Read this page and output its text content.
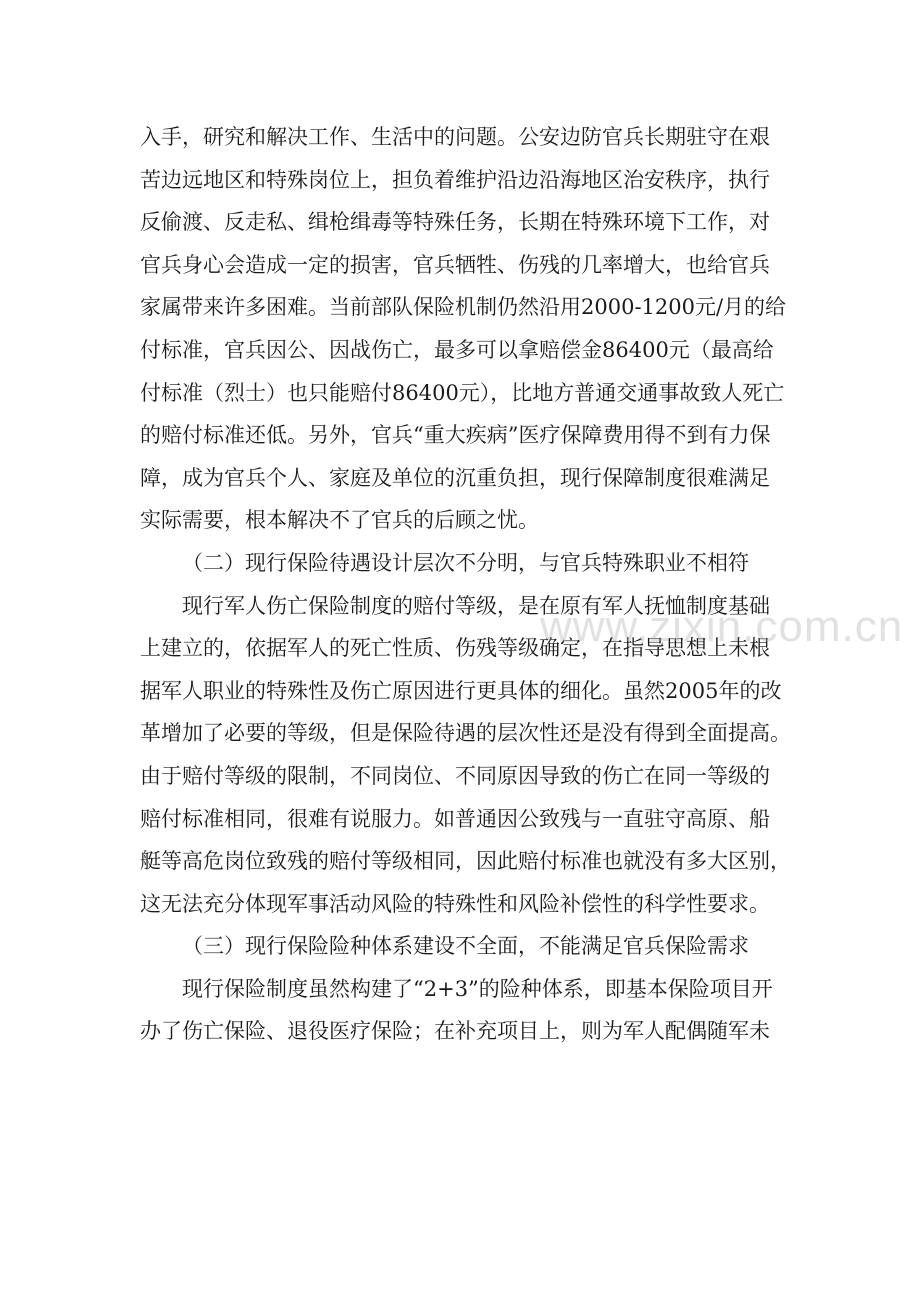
入手，研究和解决工作、生活中的问题。公安边防官兵长期驻守在艰
苦边远地区和特殊岗位上，担负着维护沿边沿海地区治安秩序，执行
反偷渡、反走私、缉枪缉毒等特殊任务，长期在特殊环境下工作，对
官兵身心会造成一定的损害，官兵牺牲、伤残的几率增大，也给官兵
家属带来许多困难。当前部队保险机制仍然沿用2000-1200元/月的给
付标准，官兵因公、因战伤亡，最多可以拿赔偿金86400元（最高给
付标准（烈士）也只能赔付86400元），比地方普通交通事故致人死亡
的赔付标准还低。另外，官兵“重大疾病”医疗保障费用得不到有力保
障，成为官兵个人、家庭及单位的沉重负担，现行保障制度很难满足
实际需要，根本解决不了官兵的后顾之忧。
（二）现行保险待遇设计层次不分明，与官兵特殊职业不相符
现行军人伤亡保险制度的赔付等级，是在原有军人抚恤制度基础
上建立的，依据军人的死亡性质、伤残等级确定，在指导思想上未根
据军人职业的特殊性及伤亡原因进行更具体的细化。虽然2005年的改
革增加了必要的等级，但是保险待遇的层次性还是没有得到全面提高。
由于赔付等级的限制，不同岗位、不同原因导致的伤亡在同一等级的
赔付标准相同，很难有说服力。如普通因公致残与一直驻守高原、船
艇等高危岗位致残的赔付等级相同，因此赔付标准也就没有多大区别，
这无法充分体现军事活动风险的特殊性和风险补偿性的科学性要求。
（三）现行保险险种体系建设不全面，不能满足官兵保险需求
现行保险制度虽然构建了“2+3”的险种体系，即基本保险项目开
办了伤亡保险、退役医疗保险；在补充项目上，则为军人配偶随军未
www.zixin.com.cn
